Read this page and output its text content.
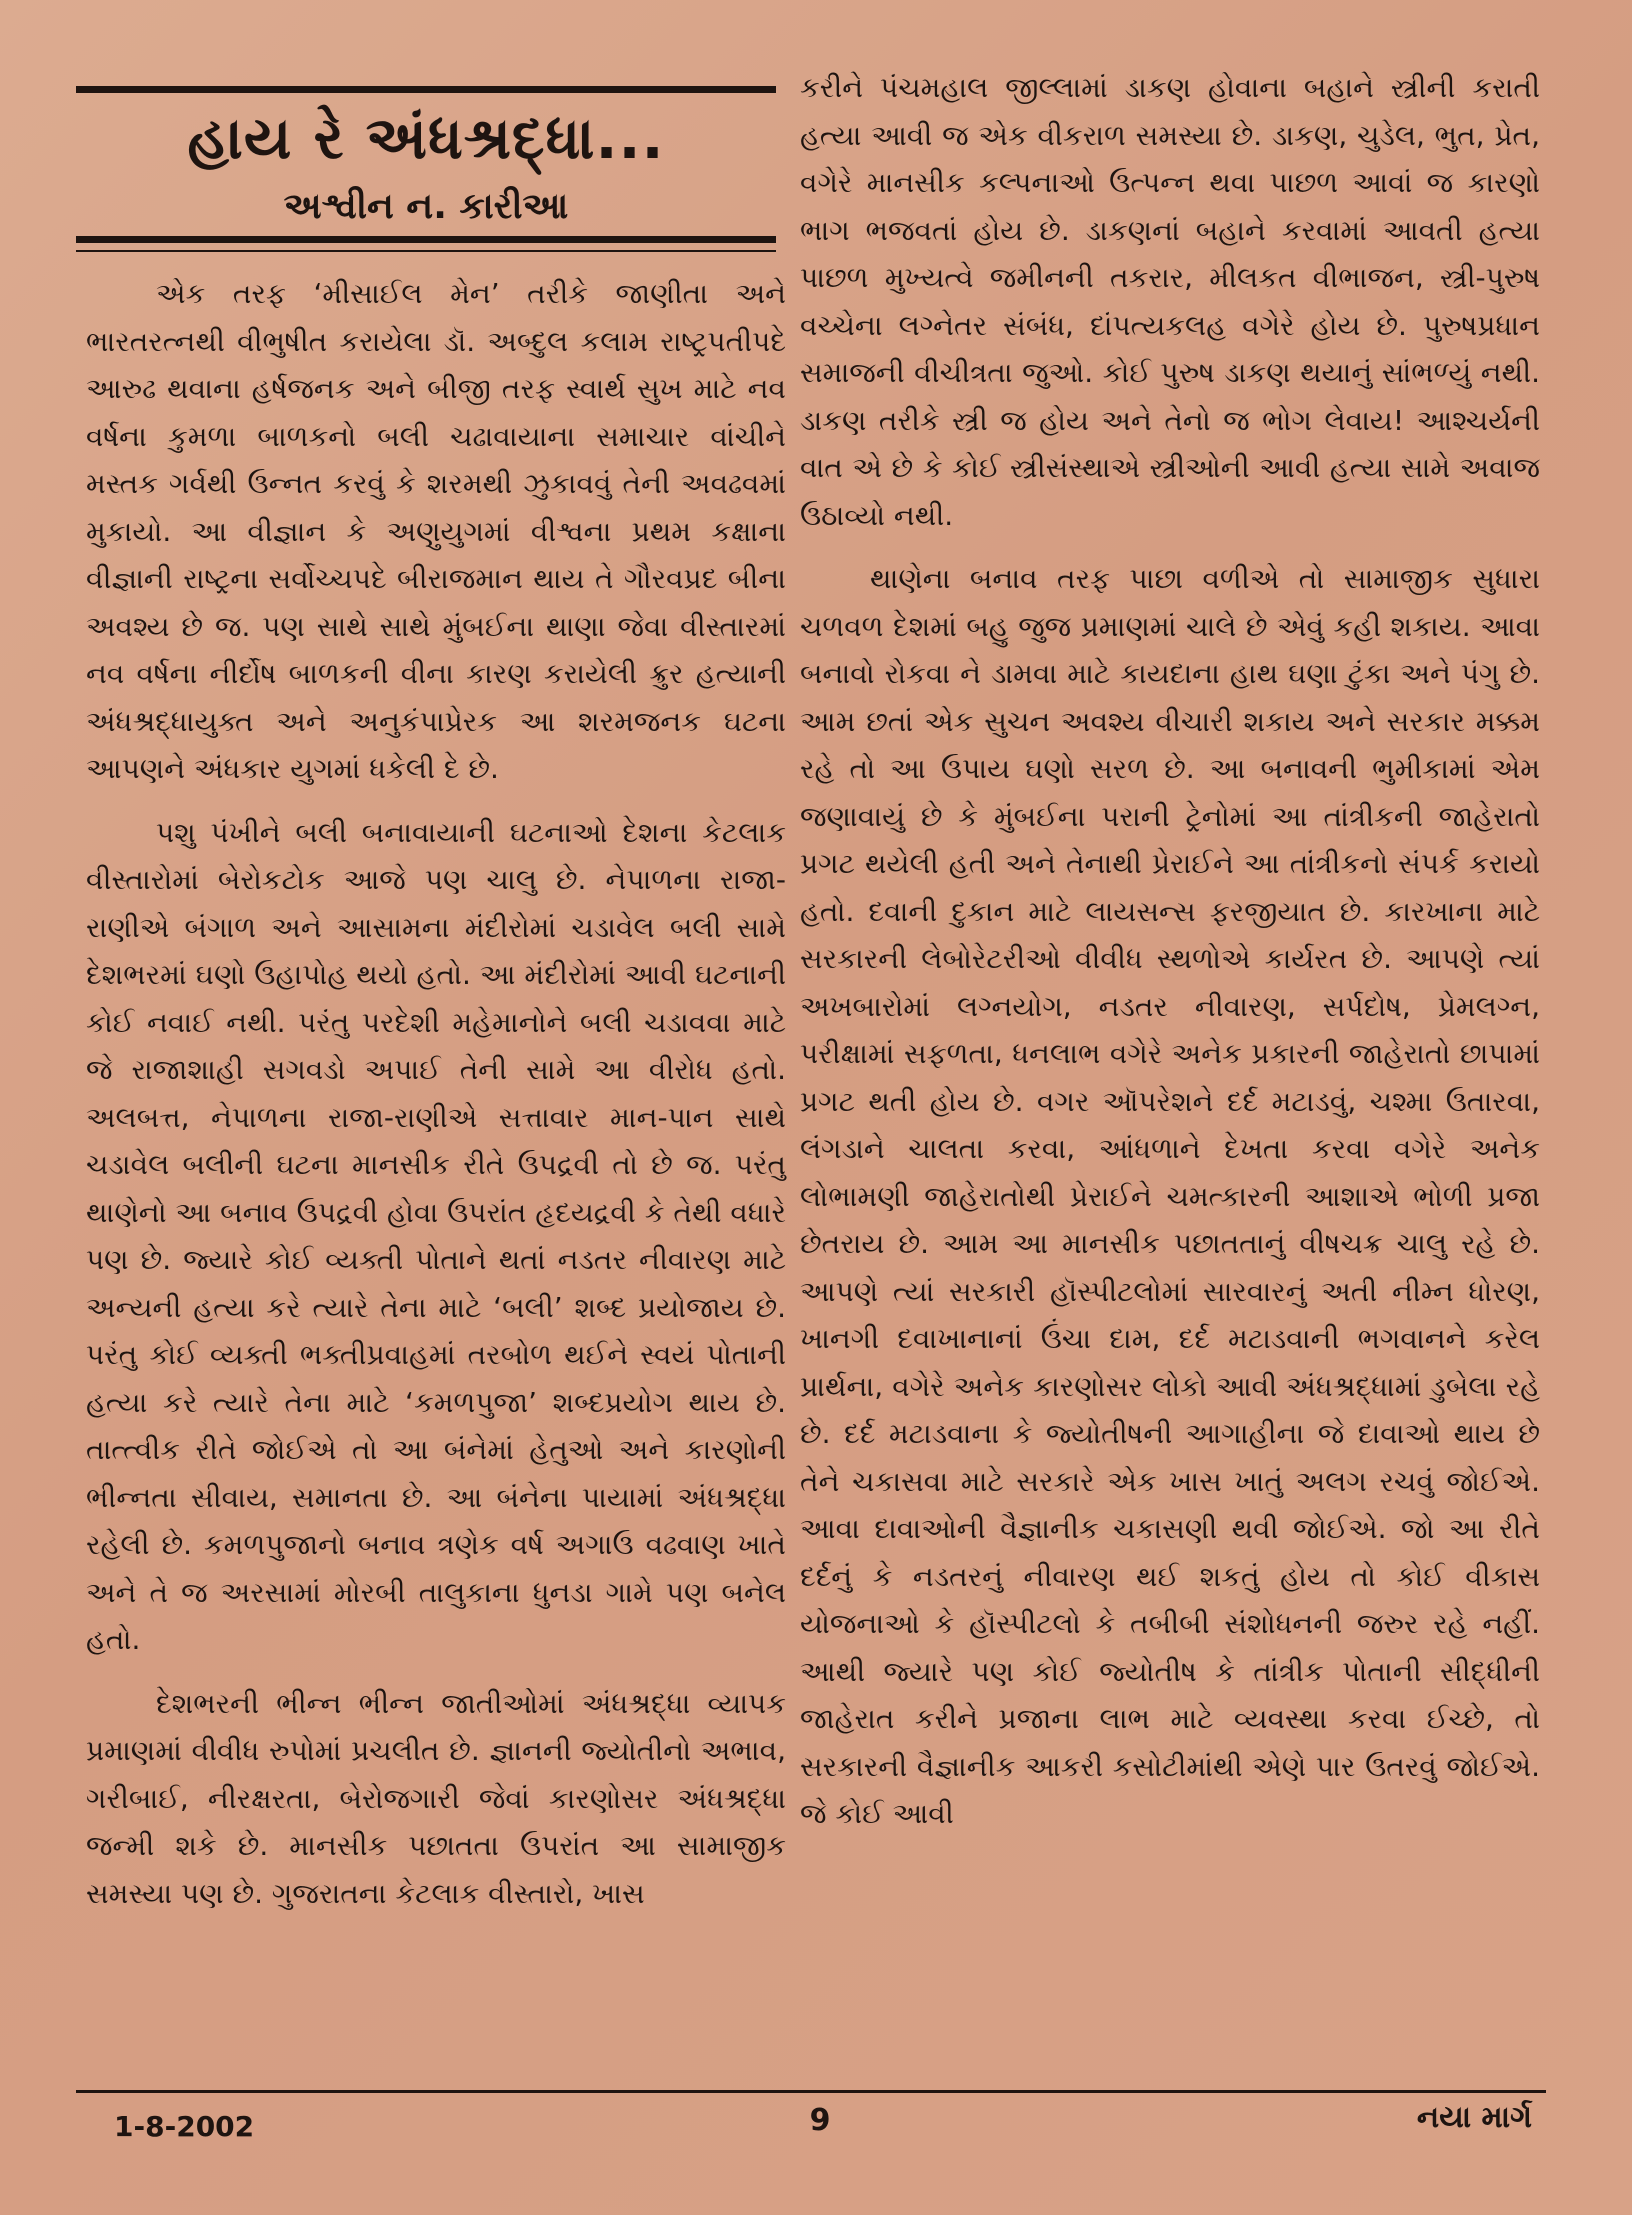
હાય રે અંધશ્રદ્ધા...
અશ્વીન ન. કારીઆ

એક તરફ ‘મીસાઈલ મેન’ તરીકે જાણીતા અને ભારતરત્નથી વીભુષીત કરાયેલા ડૉ. અબ્દુલ કલામ રાષ્ટ્રપતીપદે આરુઢ થવાના હર્ષજનક અને બીજી તરફ સ્વાર્થ સુખ માટે નવ વર્ષના કુમળા બાળકનો બલી ચઢાવાયાના સમાચાર વાંચીને મસ્તક ગર્વથી ઉન્નત કરવું કે શરમથી ઝુકાવવું તેની અવઢવમાં મુકાયો. આ વીજ્ઞાન કે અણુયુગમાં વીશ્વના પ્રથમ કક્ષાના વીજ્ઞાની રાષ્ટ્રના સર્વોચ્ચપદે બીરાજમાન થાય તે ગૌરવપ્રદ બીના અવશ્ય છે જ. પણ સાથે સાથે મુંબઈના થાણા જેવા વીસ્તારમાં નવ વર્ષના નીર્દોષ બાળકની વીના કારણ કરાયેલી ક્રુર હત્યાની અંધશ્રદ્ધાયુક્ત અને અનુકંપાપ્રેરક આ શરમજનક ઘટના આપણને અંધકાર યુગમાં ધકેલી દે છે.

પશુ પંખીને બલી બનાવાયાની ઘટનાઓ દેશના કેટલાક વીસ્તારોમાં બેરોકટોક આજે પણ ચાલુ છે. નેપાળના રાજા-રાણીએ બંગાળ અને આસામના મંદીરોમાં ચડાવેલ બલી સામે દેશભરમાં ઘણો ઉહાપોહ થયો હતો. આ મંદીરોમાં આવી ઘટનાની કોઈ નવાઈ નથી. પરંતુ પરદેશી મહેમાનોને બલી ચડાવવા માટે જે રાજાશાહી સગવડો અપાઈ તેની સામે આ વીરોધ હતો. અલબત્ત, નેપાળના રાજા-રાણીએ સત્તાવાર માન-પાન સાથે ચડાવેલ બલીની ઘટના માનસીક રીતે ઉપદ્રવી તો છે જ. પરંતુ થાણેનો આ બનાવ ઉપદ્રવી હોવા ઉપરાંત હૃદયદ્રવી કે તેથી વધારે પણ છે. જ્યારે કોઈ વ્યક્તી પોતાને થતાં નડતર નીવારણ માટે અન્યની હત્યા કરે ત્યારે તેના માટે ‘બલી’ શબ્દ પ્રયોજાય છે. પરંતુ કોઈ વ્યક્તી ભક્તીપ્રવાહમાં તરબોળ થઈને સ્વયં પોતાની હત્યા કરે ત્યારે તેના માટે ‘કમળપુજા’ શબ્દપ્રયોગ થાય છે. તાત્ત્વીક રીતે જોઈએ તો આ બંનેમાં હેતુઓ અને કારણોની ભીન્નતા સીવાય, સમાનતા છે. આ બંનેના પાયામાં અંધશ્રદ્ધા રહેલી છે. કમળપુજાનો બનાવ ત્રણેક વર્ષ અગાઉ વઢવાણ ખાતે અને તે જ અરસામાં મોરબી તાલુકાના ધુનડા ગામે પણ બનેલ હતો.

દેશભરની ભીન્ન ભીન્ન જાતીઓમાં અંધશ્રદ્ધા વ્યાપક પ્રમાણમાં વીવીધ રુપોમાં પ્રચલીત છે. જ્ઞાનની જ્યોતીનો અભાવ, ગરીબાઈ, નીરક્ષરતા, બેરોજગારી જેવાં કારણોસર અંધશ્રદ્ધા જન્મી શકે છે. માનસીક પછાતતા ઉપરાંત આ સામાજીક સમસ્યા પણ છે. ગુજરાતના કેટલાક વીસ્તારો, ખાસ

કરીને પંચમહાલ જીલ્લામાં ડાકણ હોવાના બહાને સ્ત્રીની કરાતી હત્યા આવી જ એક વીકરાળ સમસ્યા છે. ડાકણ, ચુડેલ, ભુત, પ્રેત, વગેરે માનસીક કલ્પનાઓ ઉત્પન્ન થવા પાછળ આવાં જ કારણો ભાગ ભજવતાં હોય છે. ડાકણનાં બહાને કરવામાં આવતી હત્યા પાછળ મુખ્યત્વે જમીનની તકરાર, મીલકત વીભાજન, સ્ત્રી-પુરુષ વચ્ચેના લગ્નેતર સંબંધ, દાંપત્યકલહ વગેરે હોય છે. પુરુષપ્રધાન સમાજની વીચીત્રતા જુઓ. કોઈ પુરુષ ડાકણ થયાનું સાંભળ્યું નથી. ડાકણ તરીકે સ્ત્રી જ હોય અને તેનો જ ભોગ લેવાય! આશ્ચર્યની વાત એ છે કે કોઈ સ્ત્રીસંસ્થાએ સ્ત્રીઓની આવી હત્યા સામે અવાજ ઉઠાવ્યો નથી.

થાણેના બનાવ તરફ પાછા વળીએ તો સામાજીક સુધારા ચળવળ દેશમાં બહુ જુજ પ્રમાણમાં ચાલે છે એવું કહી શકાય. આવા બનાવો રોકવા ને ડામવા માટે કાયદાના હાથ ઘણા ટુંકા અને પંગુ છે. આમ છતાં એક સુચન અવશ્ય વીચારી શકાય અને સરકાર મક્કમ રહે તો આ ઉપાય ઘણો સરળ છે. આ બનાવની ભુમીકામાં એમ જણાવાયું છે કે મુંબઈના પરાની ટ્રેનોમાં આ તાંત્રીકની જાહેરાતો પ્રગટ થયેલી હતી અને તેનાથી પ્રેરાઈને આ તાંત્રીકનો સંપર્ક કરાયો હતો. દવાની દુકાન માટે લાયસન્સ ફરજીયાત છે. કારખાના માટે સરકારની લેબોરેટરીઓ વીવીધ સ્થળોએ કાર્યરત છે. આપણે ત્યાં અખબારોમાં લગ્નયોગ, નડતર નીવારણ, સર્પદોષ, પ્રેમલગ્ન, પરીક્ષામાં સફળતા, ધનલાભ વગેરે અનેક પ્રકારની જાહેરાતો છાપામાં પ્રગટ થતી હોય છે. વગર ઑપરેશને દર્દ મટાડવું, ચશ્મા ઉતારવા, લંગડાને ચાલતા કરવા, આંધળાને દેખતા કરવા વગેરે અનેક લોભામણી જાહેરાતોથી પ્રેરાઈને ચમત્કારની આશાએ ભોળી પ્રજા છેતરાય છે. આમ આ માનસીક પછાતતાનું વીષચક્ર ચાલુ રહે છે. આપણે ત્યાં સરકારી હૉસ્પીટલોમાં સારવારનું અતી નીમ્ન ધોરણ, ખાનગી દવાખાનાનાં ઉંચા દામ, દર્દ મટાડવાની ભગવાનને કરેલ પ્રાર્થના, વગેરે અનેક કારણોસર લોકો આવી અંધશ્રદ્ધામાં ડુબેલા રહે છે. દર્દ મટાડવાના કે જ્યોતીષની આગાહીના જે દાવાઓ થાય છે તેને ચકાસવા માટે સરકારે એક ખાસ ખાતું અલગ રચવું જોઈએ. આવા દાવાઓની વૈજ્ઞાનીક ચકાસણી થવી જોઈએ. જો આ રીતે દર્દનું કે નડતરનું નીવારણ થઈ શકતું હોય તો કોઈ વીકાસ યોજનાઓ કે હૉસ્પીટલો કે તબીબી સંશોધનની જરુર રહે નહીં. આથી જ્યારે પણ કોઈ જ્યોતીષ કે તાંત્રીક પોતાની સીદ્ધીની જાહેરાત કરીને પ્રજાના લાભ માટે વ્યવસ્થા કરવા ઈચ્છે, તો સરકારની વૈજ્ઞાનીક આકરી કસોટીમાંથી એણે પાર ઉતરવું જોઈએ. જે કોઈ આવી

1-8-2002	9	નયા માર્ગ
